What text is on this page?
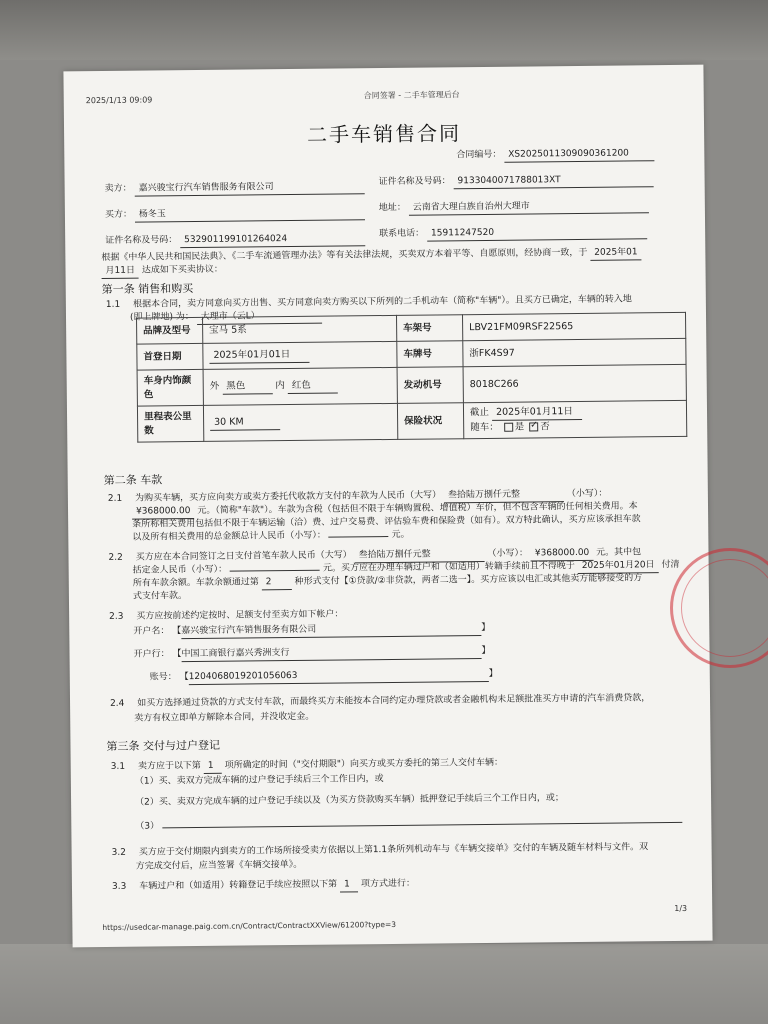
2025/1/13 09:09
合同签署 - 二手车管理后台
二手车销售合同
合同编号： XS2025011309090361200
卖方： 嘉兴骏宝行汽车销售服务有限公司
证件名称及号码： 9133040071788013XT
买方： 杨冬玉
地址： 云南省大理白族自治州大理市
证件名称及号码： 532901199101264024
联系电话： 15911247520
根据《中华人民共和国民法典》、《二手车流通管理办法》等有关法律法规，买卖双方本着平等、自愿原则，经协商一致，于 2025年01
月11日 达成如下买卖协议：
第一条 销售和购买
1.1 根据本合同，卖方同意向买方出售、买方同意向卖方购买以下所列的二手机动车（简称"车辆"）。且买方已确定，车辆的转入地
(即上牌地) 为： 大理市（云L）
品牌及型号	宝马 5系	车架号	LBV21FM09RSF22565
首登日期	2025年01月01日	车牌号	浙FK4S97
车身内饰颜色	外 黑色 内 红色	发动机号	8018C266
里程表公里数	30 KM	保险状况	截止 2025年01月11日
随车： 是 ✓ 否
第二条 车款
2.1 为购买车辆，买方应向卖方或卖方委托代收款方支付的车款为人民币（大写） 叁拾陆万捌仟元整	（小写）：
¥368000.00 元。（简称"车款"）。车款为含税（包括但不限于车辆购置税、增值税）车价，但不包含车辆的任何相关费用。本
条所称相关费用包括但不限于车辆运输（洽）费、过户交易费、评估验车费和保险费（如有）。双方特此确认，买方应该承担车款
以及所有相关费用的总金额总计人民币（小写）：	元。
2.2 买方应在本合同签订之日支付首笔车款人民币（大写） 叁拾陆万捌仟元整	（小写）： ¥368000.00 元。其中包
括定金人民币（小写）：	元。买方应在办理车辆过户和（如适用）转籍手续前且不得晚于 2025年01月20日 付清
所有车款余额。车款余额通过第 2	种形式支付【①贷款/②非贷款，两者二选一】。买方应该以电汇或其他卖方能够接受的方
式支付车款。
2.3 买方应按前述约定按时、足额支付至卖方如下帐户：
开户名： 【嘉兴骏宝行汽车销售服务有限公司	】
开户行： 【中国工商银行嘉兴秀洲支行	】
账号： 【1204068019201056063	】
2.4 如买方选择通过贷款的方式支付车款，而最终买方未能按本合同约定办理贷款或者金融机构未足额批准买方申请的汽车消费贷款，
卖方有权立即单方解除本合同，并没收定金。
第三条 交付与过户登记
3.1 卖方应于以下第 1 项所确定的时间（"交付期限"）向买方或买方委托的第三人交付车辆：
（1）买、卖双方完成车辆的过户登记手续后三个工作日内，或
（2）买、卖双方完成车辆的过户登记手续以及（为买方贷款购买车辆）抵押登记手续后三个工作日内，或；
（3）
3.2 买方应于交付期限内到卖方的工作场所接受卖方依据以上第1.1条所列机动车与《车辆交接单》交付的车辆及随车材料与文件。双
方完成交付后，应当签署《车辆交接单》。
3.3 车辆过户和（如适用）转籍登记手续应按照以下第 1 项方式进行：
1/3
https://usedcar-manage.paig.com.cn/Contract/ContractXXView/61200?type=3
